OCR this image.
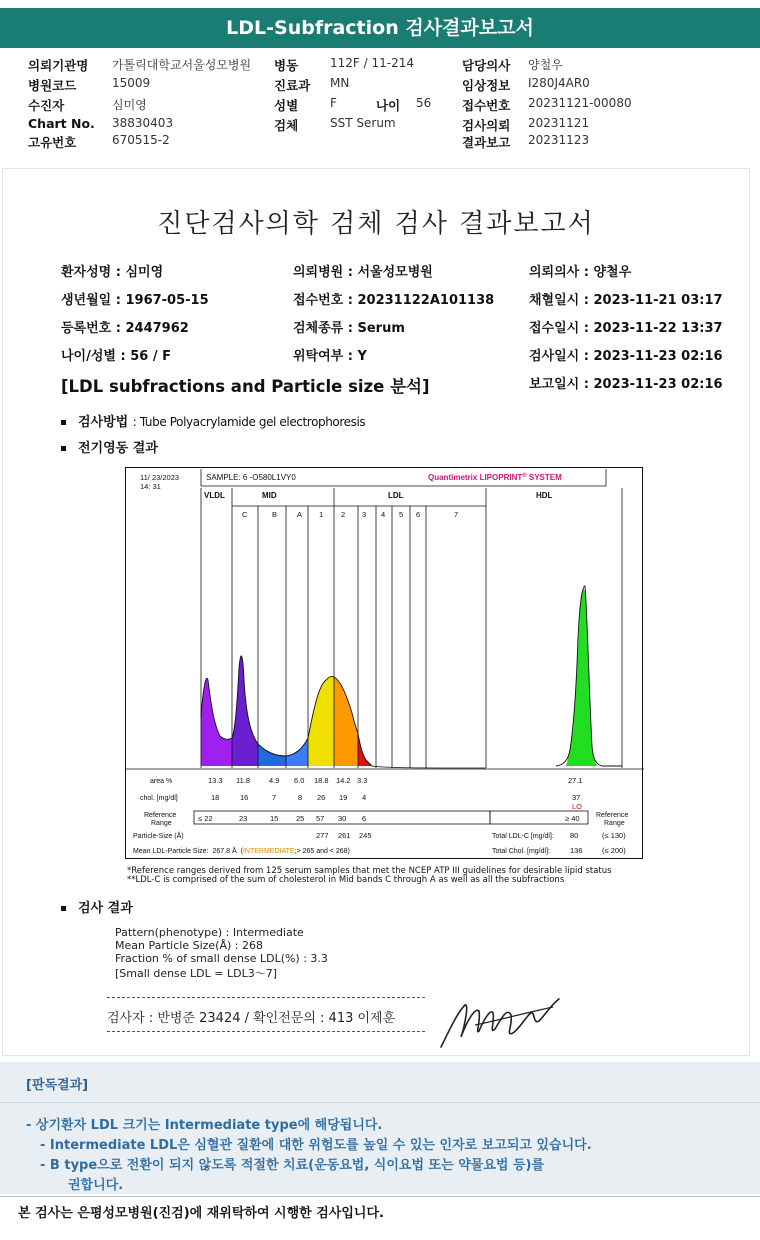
LDL-Subfraction 검사결과보고서
의뢰기관명 가톨릭대학교서울성모병원
병원코드	15009
수진자	심미영
Chart No. 38830403
고유번호	670515-2
병동	112F / 11-214
진료과 MN
성별	F	나이 56
검체	SST Serum
담당의사 양철우
임상정보 I280J4AR0
접수번호 20231121-00080
검사의뢰 20231121
결과보고 20231123
진단검사의학 검체 검사 결과보고서
환자성명 : 심미영	의뢰병원 : 서울성모병원	의뢰의사 : 양철우
생년월일 : 1967-05-15	접수번호 : 20231122A101138	채혈일시 : 2023-11-21 03:17
등록번호 : 2447962	검체종류 : Serum	접수일시 : 2023-11-22 13:37
나이/성별 : 56 / F	위탁여부 : Y	검사일시 : 2023-11-23 02:16
보고일시 : 2023-11-23 02:16
[LDL subfractions and Particle size 분석]
검사방법 : Tube Polyacrylamide gel electrophoresis
전기영동 결과
11/ 23/2023
14: 31
SAMPLE: 6 -O580L1VY0	Quantimetrix LIPOPRINT® SYSTEM
VLDL	MID	LDL	HDL
C	B	A 1 2 3 4 5 6	7
area %	13.3 11.8	4.9 6.0 18.8 14.2 3.3	27.1
chol. [mg/dl]	18	16	7	8 26 19 4	37
LO
Reference
Range
≤ 22	23	15 25 57 30 6	≥ 40 Reference
Range
Particle-Size (Å)	277 261 245	Total LDL-C [mg/dl]: 80	(≤ 130)
Mean LDL-Particle Size: 267.8 Å (INTERMEDIATE;> 265 and < 268)	Total Chol. [mg/dl]:	136	(≤ 200)
*Reference ranges derived from 125 serum samples that met the NCEP ATP III guidelines for desirable lipid status
**LDL-C is comprised of the sum of cholesterol in Mid bands C through A as well as all the subfractions
검사 결과
Pattern(phenotype) : Intermediate
Mean Particle Size(Å) : 268
Fraction % of small dense LDL(%) : 3.3
[Small dense LDL = LDL3～7]
검사자 : 반병준 23424 / 확인전문의 : 413 이제훈
[판독결과]
- 상기환자 LDL 크기는 Intermediate type에 해당됩니다.
- Intermediate LDL은 심혈관 질환에 대한 위험도를 높일 수 있는 인자로 보고되고 있습니다.
- B type으로 전환이 되지 않도록 적절한 치료(운동요법, 식이요법 또는 약물요법 등)를
권합니다.
본 검사는 은평성모병원(진검)에 재위탁하여 시행한 검사입니다.
